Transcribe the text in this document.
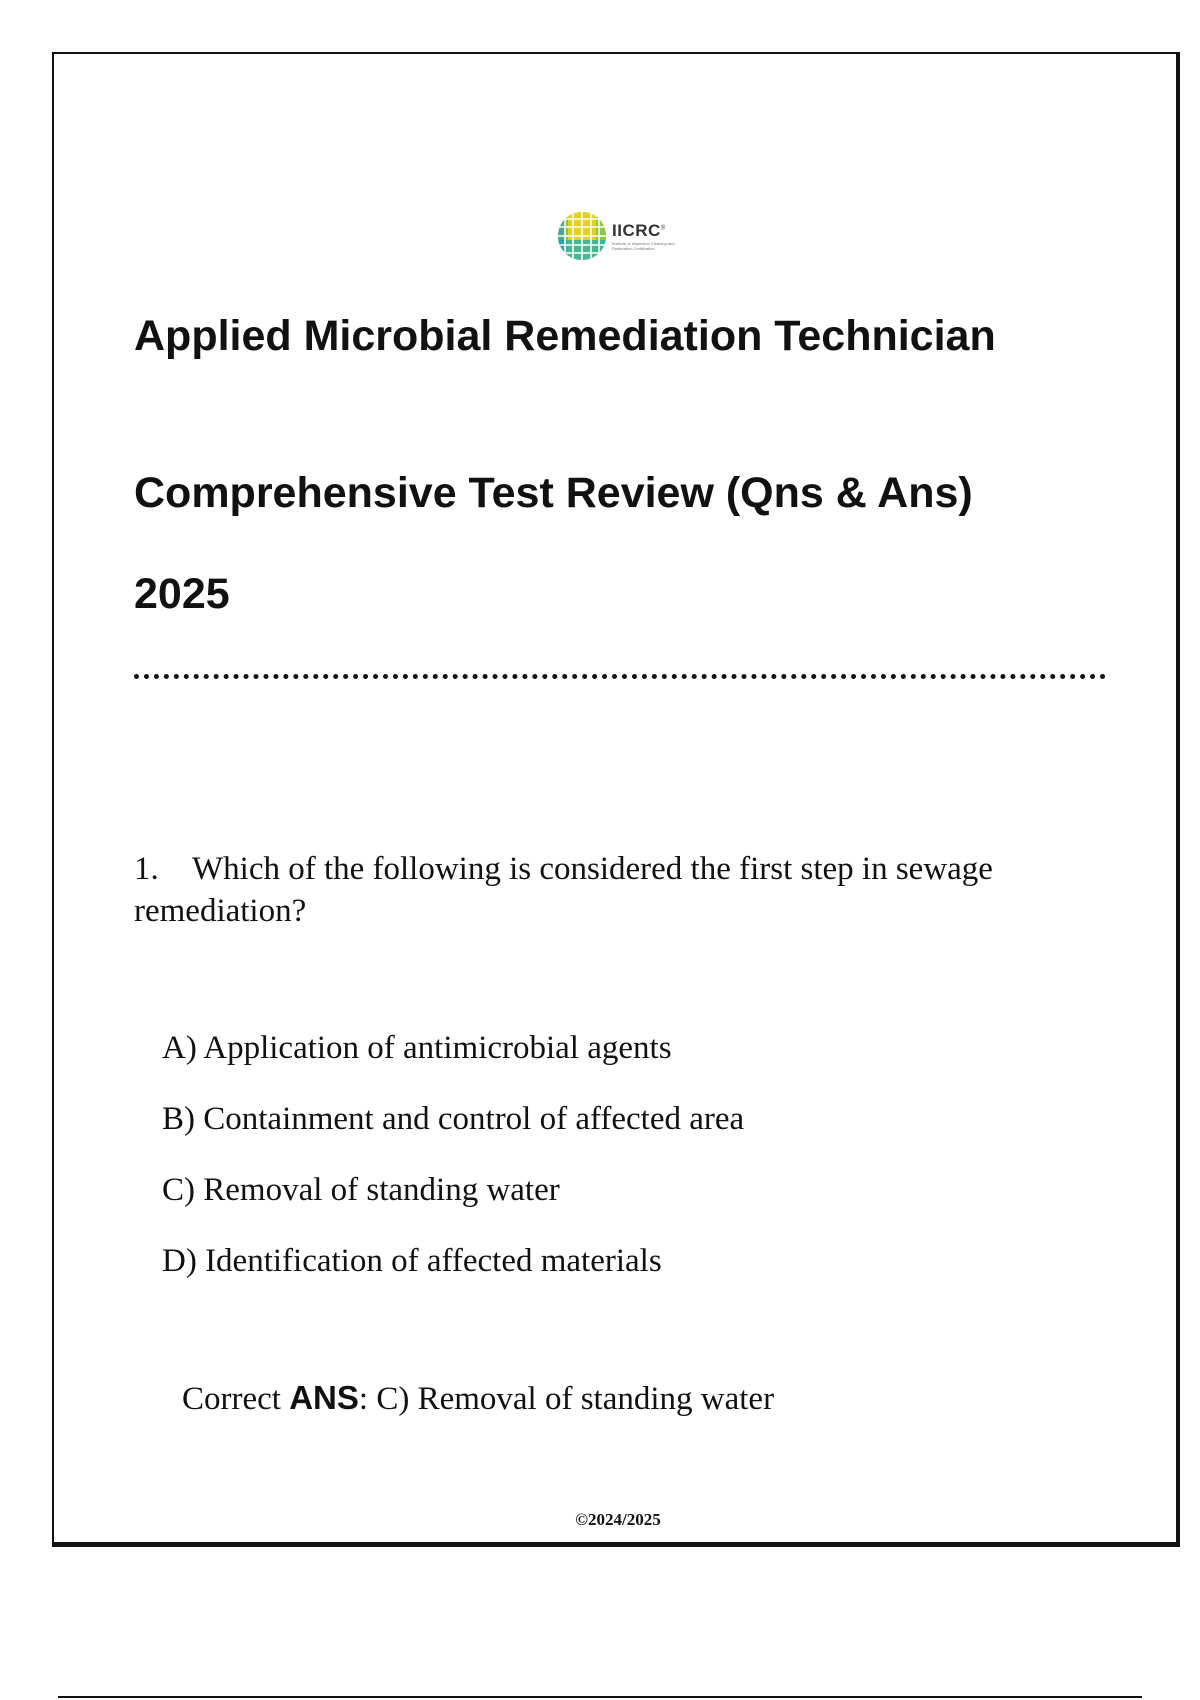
IICRC®
Institute of Inspection Cleaning and Restoration Certification
Applied Microbial Remediation Technician
Comprehensive Test Review (Qns & Ans)
2025

1. Which of the following is considered the first step in sewage remediation?

A) Application of antimicrobial agents
B) Containment and control of affected area
C) Removal of standing water
D) Identification of affected materials

Correct ANS: C) Removal of standing water

©2024/2025
